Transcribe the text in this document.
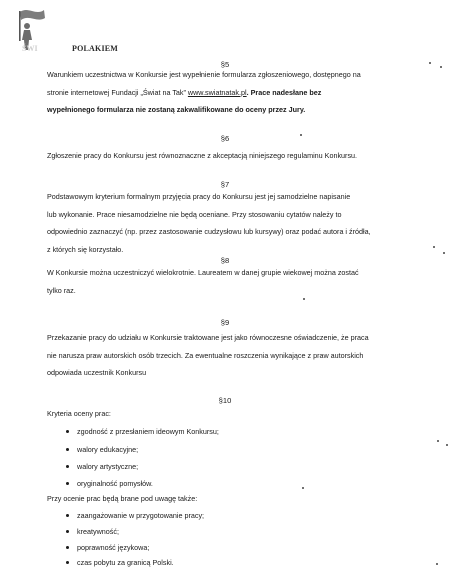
ŚWI	POLAKIEM
§5
Warunkiem uczestnictwa w Konkursie jest wypełnienie formularza zgłoszeniowego, dostępnego na
stronie internetowej Fundacji „Świat na Tak” www.swiatnatak.pl. Prace nadesłane bez
wypełnionego formularza nie zostaną zakwalifikowane do oceny przez Jury.
§6
Zgłoszenie pracy do Konkursu jest równoznaczne z akceptacją niniejszego regulaminu Konkursu.
§7
Podstawowym kryterium formalnym przyjęcia pracy do Konkursu jest jej samodzielne napisanie
lub wykonanie. Prace niesamodzielne nie będą oceniane. Przy stosowaniu cytatów należy to
odpowiednio zaznaczyć (np. przez zastosowanie cudzysłowu lub kursywy) oraz podać autora i źródła,
z których się korzystało.
§8
W Konkursie można uczestniczyć wielokrotnie. Laureatem w danej grupie wiekowej można zostać
tylko raz.
§9
Przekazanie pracy do udziału w Konkursie traktowane jest jako równoczesne oświadczenie, że praca
nie narusza praw autorskich osób trzecich. Za ewentualne roszczenia wynikające z praw autorskich
odpowiada uczestnik Konkursu
§10
Kryteria oceny prac:
zgodność z przesłaniem ideowym Konkursu;
walory edukacyjne;
walory artystyczne;
oryginalność pomysłów.
Przy ocenie prac będą brane pod uwagę także:
zaangażowanie w przygotowanie pracy;
kreatywność;
poprawność językowa;
czas pobytu za granicą Polski.
